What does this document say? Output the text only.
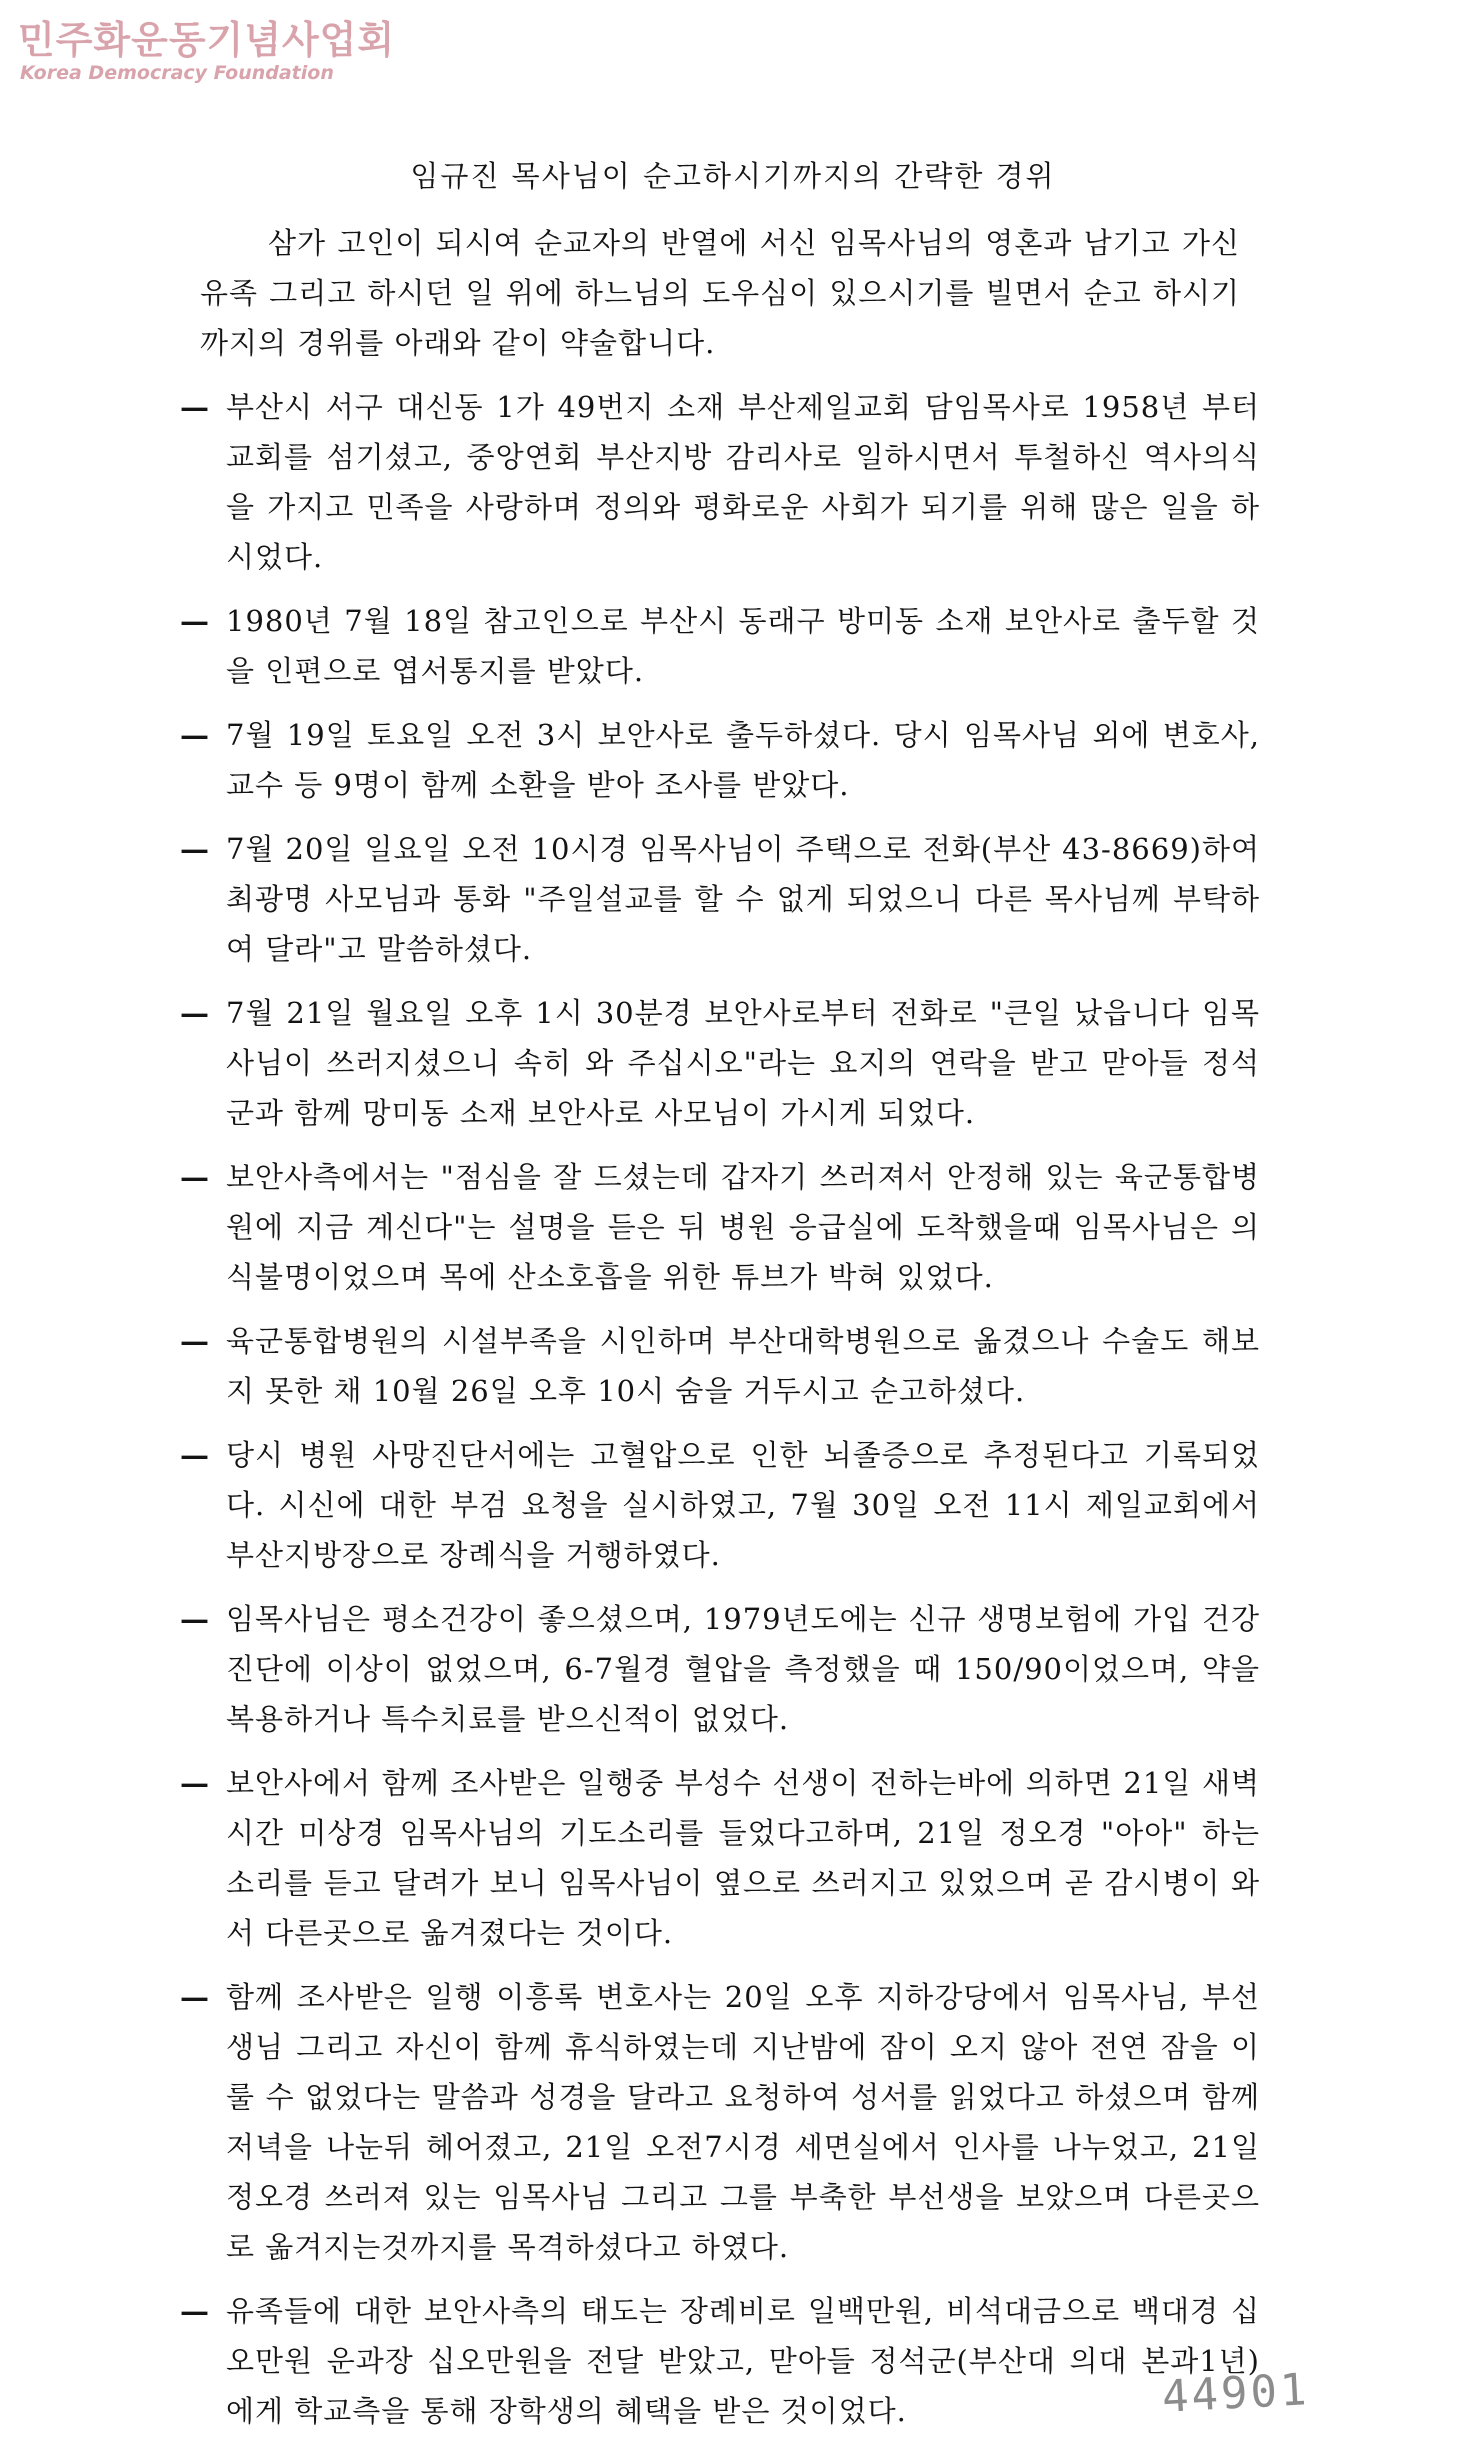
민주화운동기념사업회
Korea Democracy Foundation
임규진 목사님이 순고하시기까지의 간략한 경위
삼가 고인이 되시여 순교자의 반열에 서신 임목사님의 영혼과 남기고 가신 유족 그리고 하시던 일 위에 하느님의 도우심이 있으시기를 빌면서 순고 하시기까지의 경위를 아래와 같이 약술합니다.
— 부산시 서구 대신동 1가 49번지 소재 부산제일교회 담임목사로 1958년 부터 교회를 섬기셨고, 중앙연회 부산지방 감리사로 일하시면서 투철하신 역사의식을 가지고 민족을 사랑하며 정의와 평화로운 사회가 되기를 위해 많은 일을 하시었다.
— 1980년 7월 18일 참고인으로 부산시 동래구 방미동 소재 보안사로 출두할 것을 인편으로 엽서통지를 받았다.
— 7월 19일 토요일 오전 3시 보안사로 출두하셨다. 당시 임목사님 외에 변호사, 교수 등 9명이 함께 소환을 받아 조사를 받았다.
— 7월 20일 일요일 오전 10시경 임목사님이 주택으로 전화(부산 43-8669)하여 최광명 사모님과 통화 "주일설교를 할 수 없게 되었으니 다른 목사님께 부탁하여 달라"고 말씀하셨다.
— 7월 21일 월요일 오후 1시 30분경 보안사로부터 전화로 "큰일 났읍니다 임목사님이 쓰러지셨으니 속히 와 주십시오"라는 요지의 연락을 받고 맏아들 정석군과 함께 망미동 소재 보안사로 사모님이 가시게 되었다.
— 보안사측에서는 "점심을 잘 드셨는데 갑자기 쓰러져서 안정해 있는 육군통합병원에 지금 계신다"는 설명을 듣은 뒤 병원 응급실에 도착했을때 임목사님은 의식불명이었으며 목에 산소호흡을 위한 튜브가 박혀 있었다.
— 육군통합병원의 시설부족을 시인하며 부산대학병원으로 옮겼으나 수술도 해보지 못한 채 10월 26일 오후 10시 숨을 거두시고 순고하셨다.
— 당시 병원 사망진단서에는 고혈압으로 인한 뇌졸증으로 추정된다고 기록되었다. 시신에 대한 부검 요청을 실시하였고, 7월 30일 오전 11시 제일교회에서 부산지방장으로 장례식을 거행하였다.
— 임목사님은 평소건강이 좋으셨으며, 1979년도에는 신규 생명보험에 가입 건강진단에 이상이 없었으며, 6-7월경 혈압을 측정했을 때 150/90이었으며, 약을 복용하거나 특수치료를 받으신적이 없었다.
— 보안사에서 함께 조사받은 일행중 부성수 선생이 전하는바에 의하면 21일 새벽시간 미상경 임목사님의 기도소리를 들었다고하며, 21일 정오경 "아아" 하는 소리를 듣고 달려가 보니 임목사님이 옆으로 쓰러지고 있었으며 곧 감시병이 와서 다른곳으로 옮겨졌다는 것이다.
— 함께 조사받은 일행 이흥록 변호사는 20일 오후 지하강당에서 임목사님, 부선생님 그리고 자신이 함께 휴식하였는데 지난밤에 잠이 오지 않아 전연 잠을 이룰 수 없었다는 말씀과 성경을 달라고 요청하여 성서를 읽었다고 하셨으며 함께 저녁을 나눈뒤 헤어졌고, 21일 오전7시경 세면실에서 인사를 나누었고, 21일 정오경 쓰러져 있는 임목사님 그리고 그를 부축한 부선생을 보았으며 다른곳으로 옮겨지는것까지를 목격하셨다고 하였다.
— 유족들에 대한 보안사측의 태도는 장례비로 일백만원, 비석대금으로 백대경 십오만원 운과장 십오만원을 전달 받았고, 맏아들 정석군(부산대 의대 본과1년)에게 학교측을 통해 장학생의 혜택을 받은 것이었다.	44901
